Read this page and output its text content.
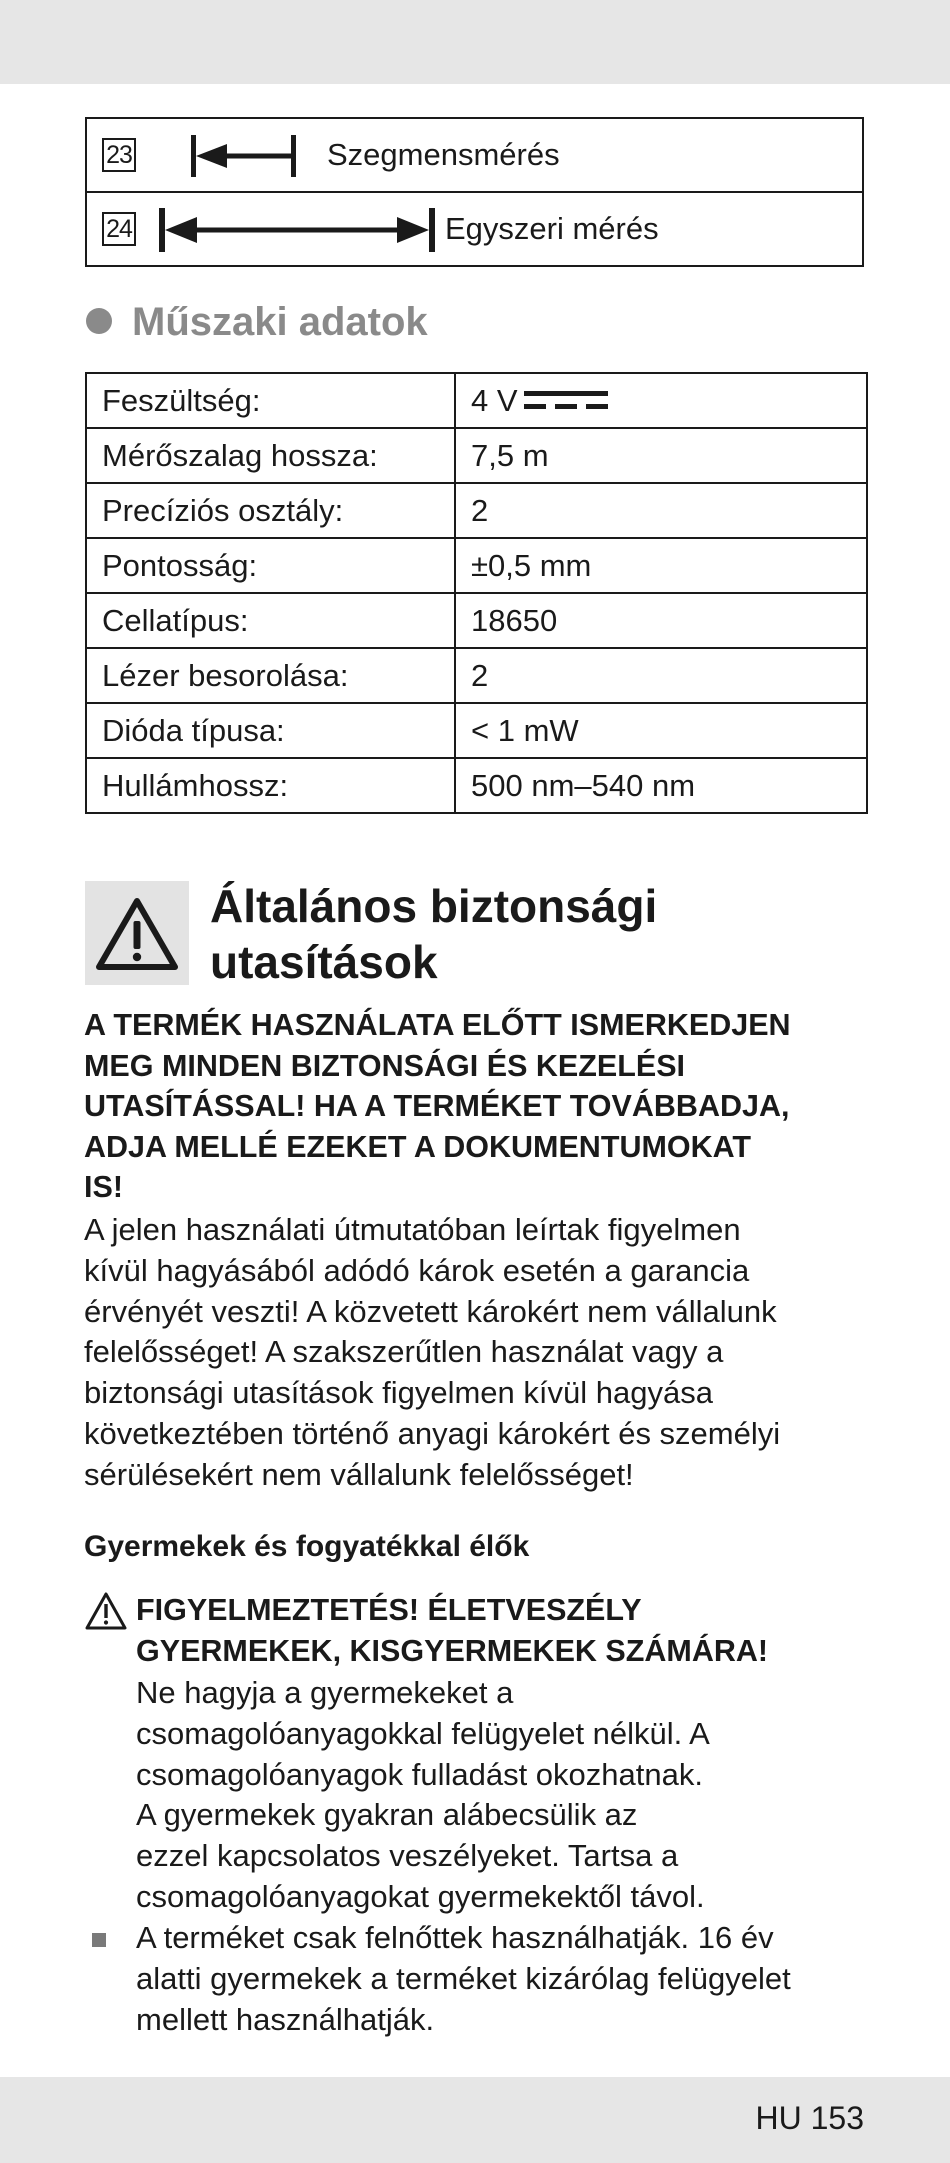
23	Szegmensmérés
24	Egyszeri mérés
Műszaki adatok
Feszültség:	4 V

Mérőszalag hossza:	7,5 m
Precíziós osztály:	2
Pontosság:	±0,5 mm
Cellatípus:	18650
Lézer besorolása:	2
Dióda típusa:	< 1 mW
Hullámhossz:	500 nm–540 nm
Általános biztonsági
utasítások
A TERMÉK HASZNÁLATA ELŐTT ISMERKEDJEN
MEG MINDEN BIZTONSÁGI ÉS KEZELÉSI
UTASÍTÁSSAL! HA A TERMÉKET TOVÁBBADJA,
ADJA MELLÉ EZEKET A DOKUMENTUMOKAT
IS!
A jelen használati útmutatóban leírtak figyelmen
kívül hagyásából adódó károk esetén a garancia
érvényét veszti! A közvetett károkért nem vállalunk
felelősséget! A szakszerűtlen használat vagy a
biztonsági utasítások figyelmen kívül hagyása
következtében történő anyagi károkért és személyi
sérülésekért nem vállalunk felelősséget!
Gyermekek és fogyatékkal élők
FIGYELMEZTETÉS! ÉLETVESZÉLY
GYERMEKEK, KISGYERMEKEK SZÁMÁRA!
Ne hagyja a gyermekeket a
csomagolóanyagokkal felügyelet nélkül. A
csomagolóanyagok fulladást okozhatnak.
A gyermekek gyakran alábecsülik az
ezzel kapcsolatos veszélyeket. Tartsa a
csomagolóanyagokat gyermekektől távol.
A terméket csak felnőttek használhatják. 16 év
alatti gyermekek a terméket kizárólag felügyelet
mellett használhatják.
HU 153
